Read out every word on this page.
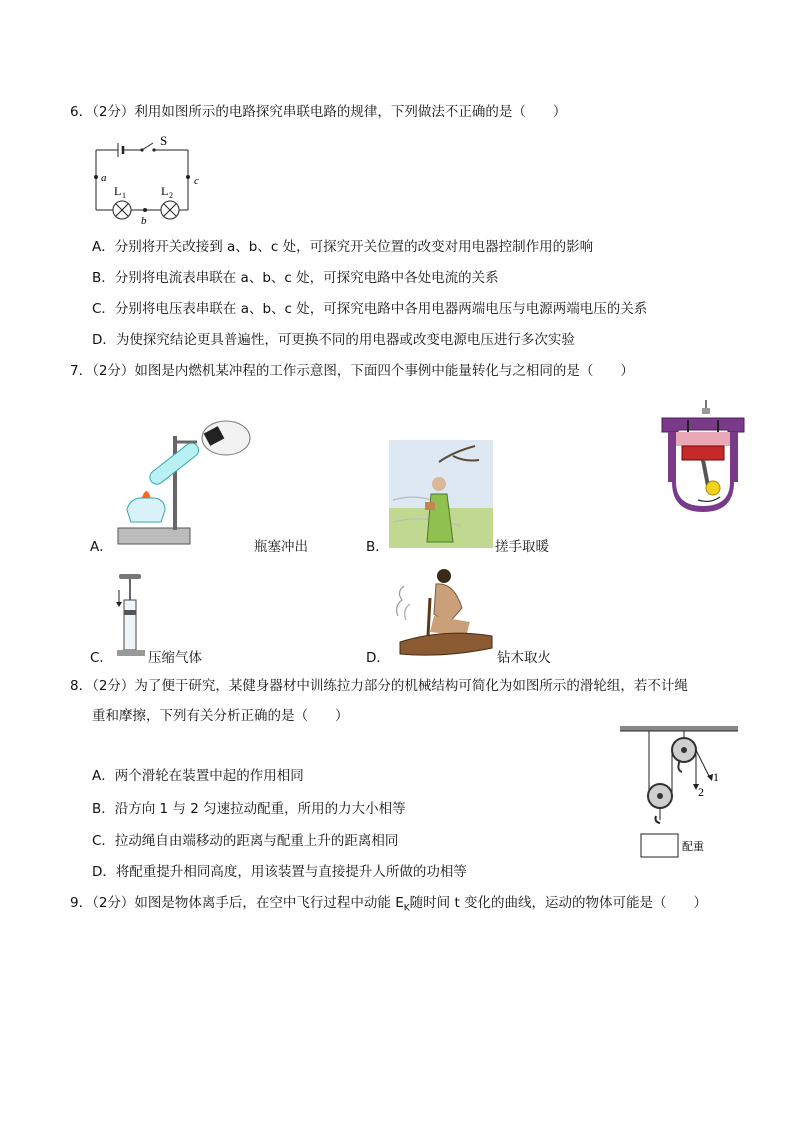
6．（2分）利用如图所示的电路探究串联电路的规律，下列做法不正确的是（　　）
S
a	c
b
L 1	L 2
A．分别将开关改接到 a、b、c 处，可探究开关位置的改变对用电器控制作用的影响
B．分别将电流表串联在 a、b、c 处，可探究电路中各处电流的关系
C．分别将电压表串联在 a、b、c 处，可探究电路中各用电器两端电压与电源两端电压的关系
D．为使探究结论更具普遍性，可更换不同的用电器或改变电源电压进行多次实验
7．（2分）如图是内燃机某冲程的工作示意图，下面四个事例中能量转化与之相同的是（　　）
A．	瓶塞冲出	B．	搓手取暖
C．	压缩气体	D．	钻木取火
8．（2分）为了便于研究，某健身器材中训练拉力部分的机械结构可简化为如图所示的滑轮组，若不计绳
重和摩擦，下列有关分析正确的是（　　）
1
2
配重
A．两个滑轮在装置中起的作用相同
B．沿方向 1 与 2 匀速拉动配重，所用的力大小相等
C．拉动绳自由端移动的距离与配重上升的距离相同
D．将配重提升相同高度，用该装置与直接提升人所做的功相等
9．（2分）如图是物体离手后，在空中飞行过程中动能 $E_K$随时间 t 变化的曲线，运动的物体可能是（　　）
